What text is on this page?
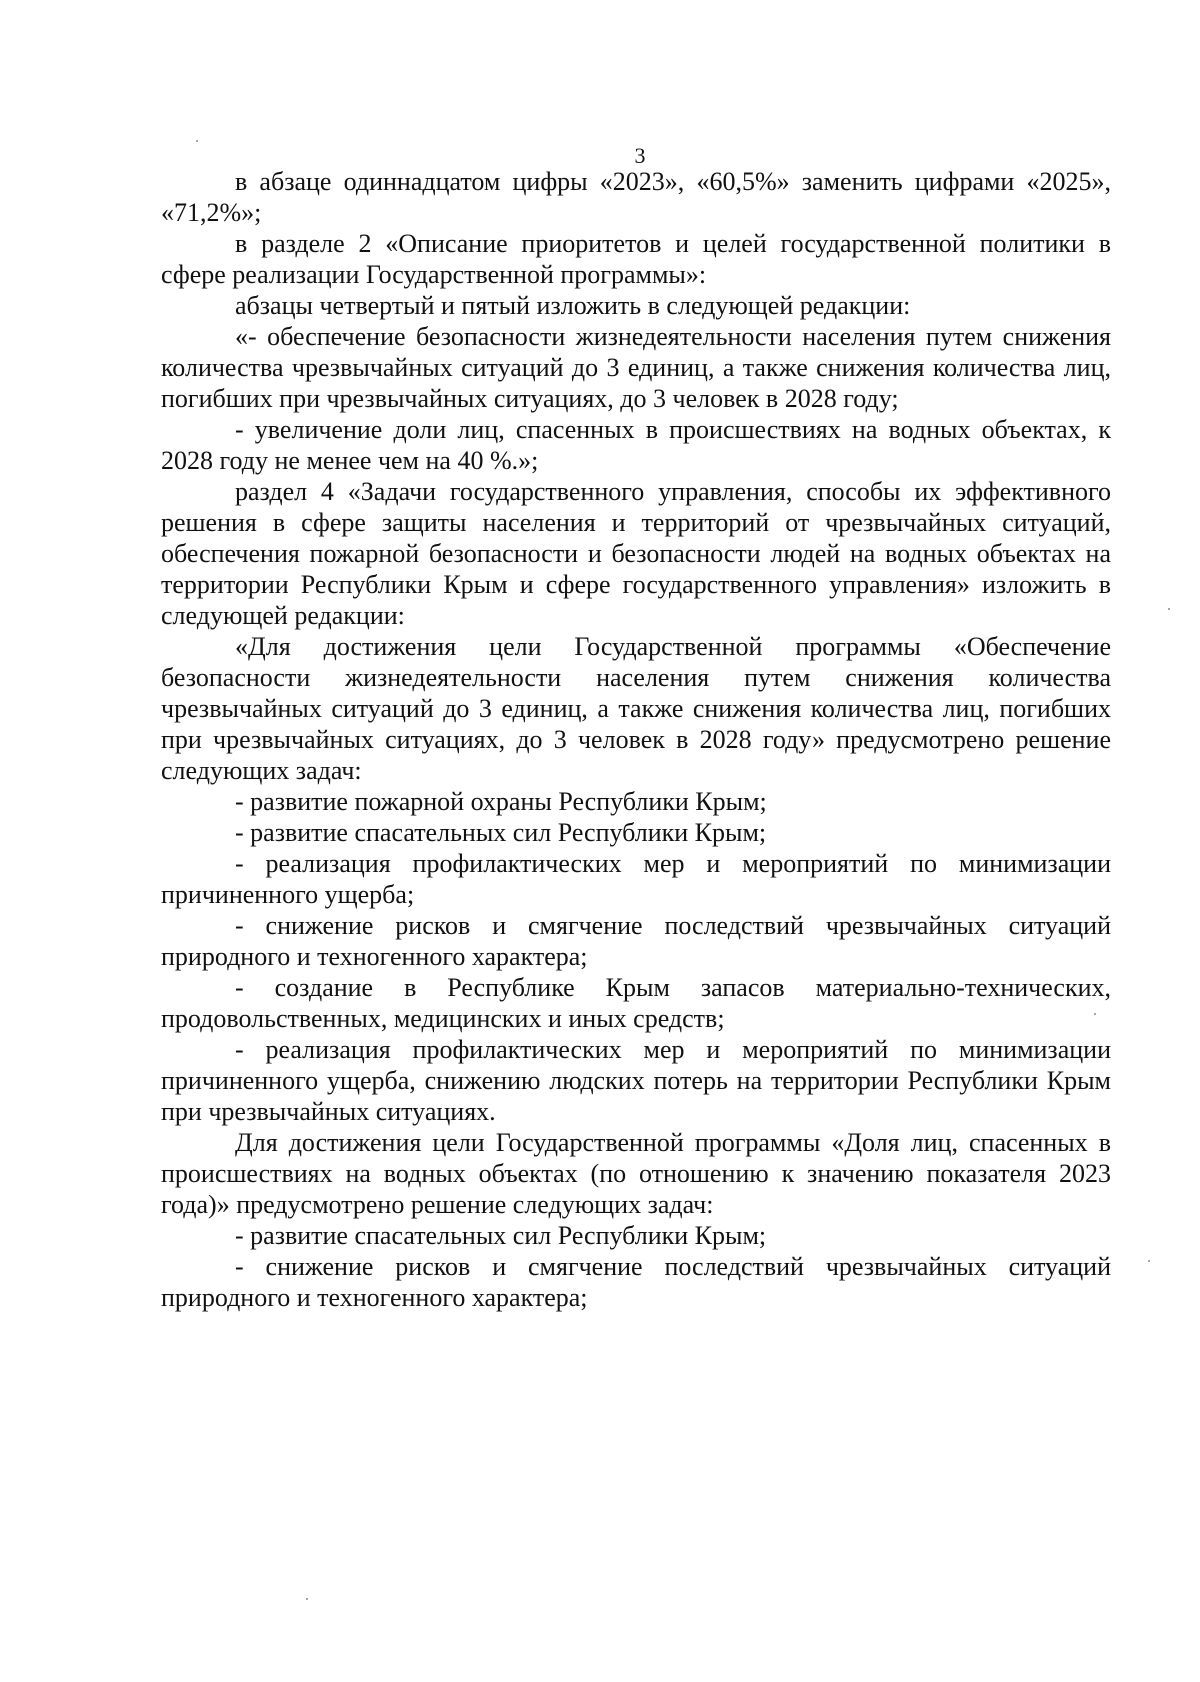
3

в абзаце одиннадцатом цифры «2023», «60,5%» заменить цифрами «2025», «71,2%»;

в разделе 2 «Описание приоритетов и целей государственной политики в сфере реализации Государственной программы»:

абзацы четвертый и пятый изложить в следующей редакции:

«- обеспечение безопасности жизнедеятельности населения путем снижения количества чрезвычайных ситуаций до 3 единиц, а также снижения количества лиц, погибших при чрезвычайных ситуациях, до 3 человек в 2028 году;

- увеличение доли лиц, спасенных в происшествиях на водных объектах, к 2028 году не менее чем на 40 %.»;

раздел 4 «Задачи государственного управления, способы их эффективного решения в сфере защиты населения и территорий от чрезвычайных ситуаций, обеспечения пожарной безопасности и безопасности людей на водных объектах на территории Республики Крым и сфере государственного управления» изложить в следующей редакции:

«Для достижения цели Государственной программы «Обеспечение безопасности жизнедеятельности населения путем снижения количества чрезвычайных ситуаций до 3 единиц, а также снижения количества лиц, погибших при чрезвычайных ситуациях, до 3 человек в 2028 году» предусмотрено решение следующих задач:

- развитие пожарной охраны Республики Крым;

- развитие спасательных сил Республики Крым;

- реализация профилактических мер и мероприятий по минимизации причиненного ущерба;

- снижение рисков и смягчение последствий чрезвычайных ситуаций природного и техногенного характера;

- создание в Республике Крым запасов материально-технических, продовольственных, медицинских и иных средств;

- реализация профилактических мер и мероприятий по минимизации причиненного ущерба, снижению людских потерь на территории Республики Крым при чрезвычайных ситуациях.

Для достижения цели Государственной программы «Доля лиц, спасенных в происшествиях на водных объектах (по отношению к значению показателя 2023 года)» предусмотрено решение следующих задач:

- развитие спасательных сил Республики Крым;

- снижение рисков и смягчение последствий чрезвычайных ситуаций природного и техногенного характера;
